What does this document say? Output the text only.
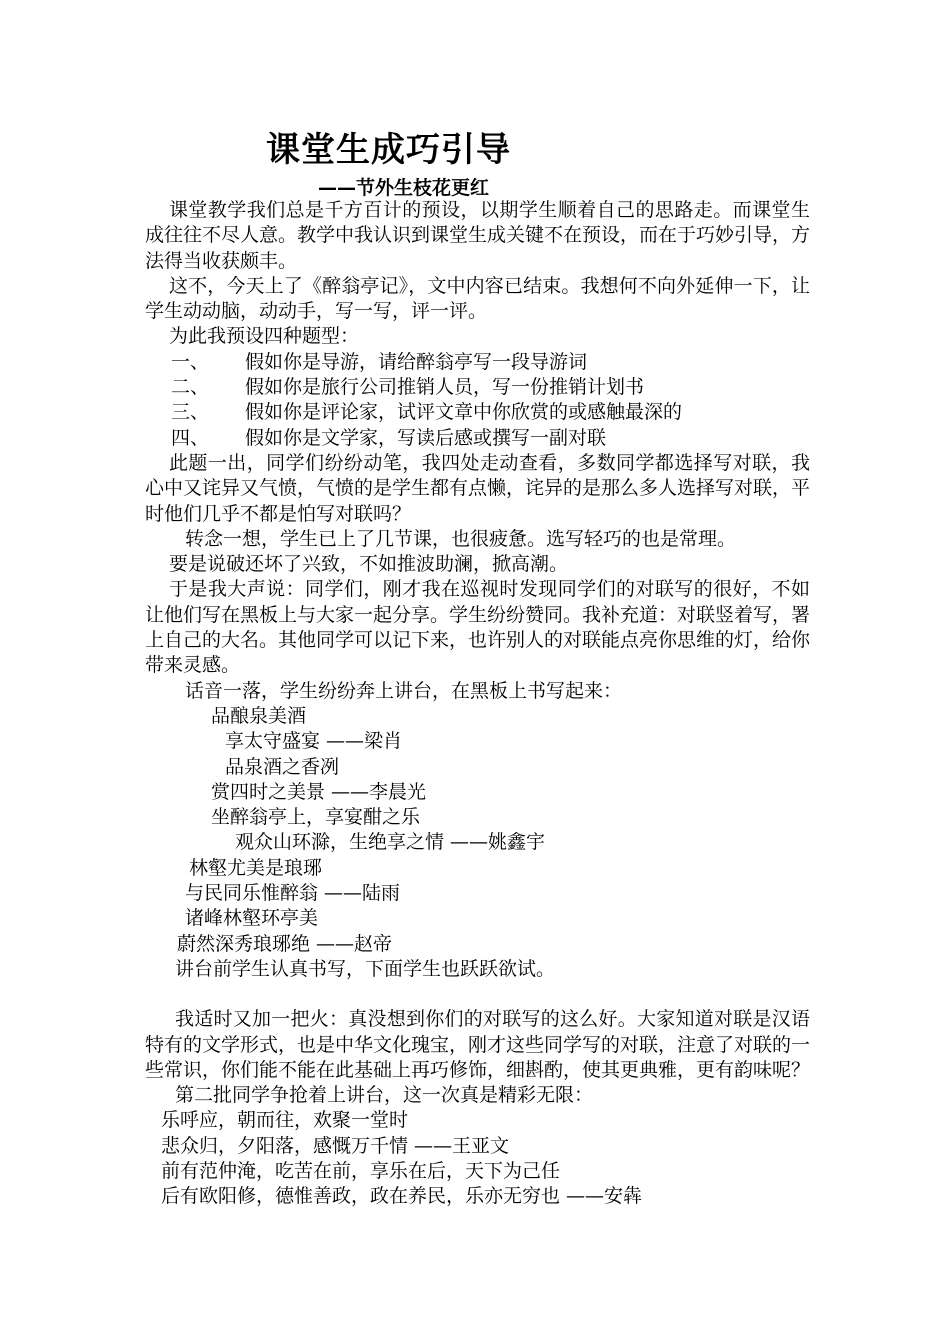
课堂生成巧引导
——节外生枝花更红

课堂教学我们总是千方百计的预设，以期学生顺着自己的思路走。而课堂生成往往不尽人意。教学中我认识到课堂生成关键不在预设，而在于巧妙引导，方法得当收获颇丰。

这不，今天上了《醉翁亭记》，文中内容已结束。我想何不向外延伸一下，让学生动动脑，动动手，写一写，评一评。

为此我预设四种题型：

一、 假如你是导游，请给醉翁亭写一段导游词

二、 假如你是旅行公司推销人员，写一份推销计划书

三、 假如你是评论家，试评文章中你欣赏的或感触最深的

四、 假如你是文学家，写读后感或撰写一副对联

此题一出，同学们纷纷动笔，我四处走动查看，多数同学都选择写对联，我心中又诧异又气愤，气愤的是学生都有点懒，诧异的是那么多人选择写对联，平时他们几乎不都是怕写对联吗？

转念一想，学生已上了几节课，也很疲惫。选写轻巧的也是常理。

要是说破还坏了兴致，不如推波助澜，掀高潮。

于是我大声说：同学们，刚才我在巡视时发现同学们的对联写的很好，不如让他们写在黑板上与大家一起分享。学生纷纷赞同。我补充道：对联竖着写，署上自己的大名。其他同学可以记下来，也许别人的对联能点亮你思维的灯，给你带来灵感。

话音一落，学生纷纷奔上讲台，在黑板上书写起来：

品酿泉美酒

享太守盛宴 ——梁肖

品泉酒之香冽

赏四时之美景 ——李晨光

坐醉翁亭上，享宴酣之乐

观众山环滁，生绝享之情 ——姚鑫宇

林壑尤美是琅琊

与民同乐惟醉翁 ——陆雨

诸峰林壑环亭美

蔚然深秀琅琊绝 ——赵帝

讲台前学生认真书写，下面学生也跃跃欲试。

我适时又加一把火：真没想到你们的对联写的这么好。大家知道对联是汉语特有的文学形式，也是中华文化瑰宝，刚才这些同学写的对联，注意了对联的一些常识，你们能不能在此基础上再巧修饰，细斟酌，使其更典雅，更有韵味呢？

第二批同学争抢着上讲台，这一次真是精彩无限：

乐呼应，朝而往，欢聚一堂时

悲众归，夕阳落，感慨万千情 ——王亚文

前有范仲淹，吃苦在前，享乐在后，天下为己任

后有欧阳修，德惟善政，政在养民，乐亦无穷也 ——安犇
